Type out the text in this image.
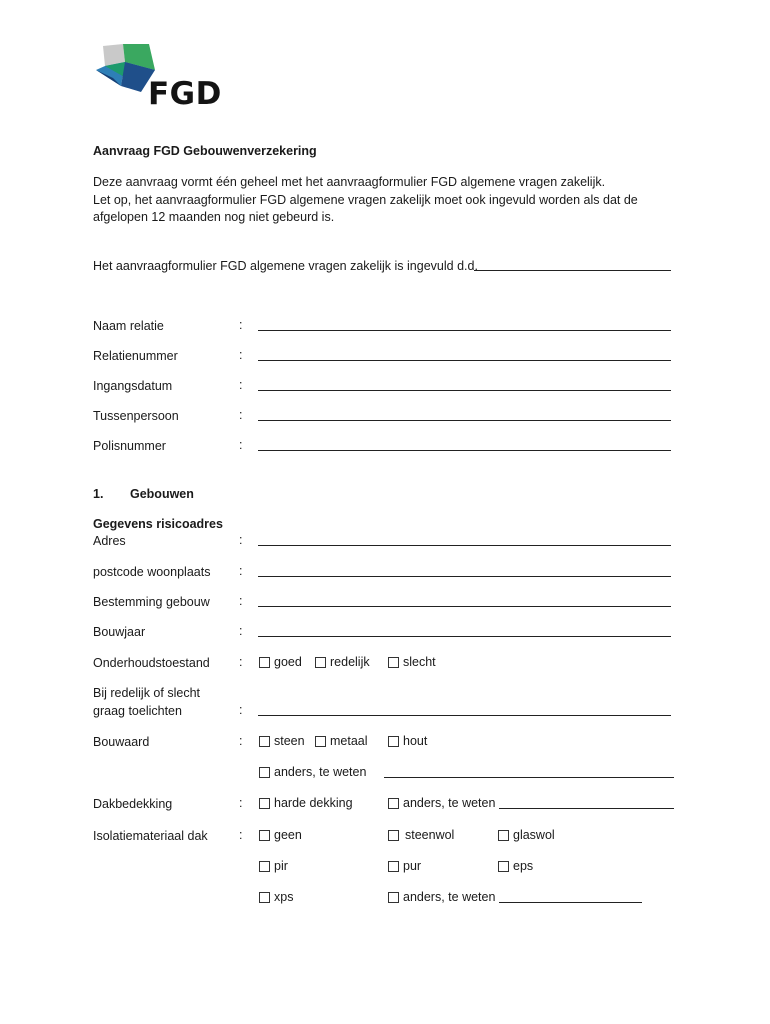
FGD
Aanvraag FGD Gebouwenverzekering
Deze aanvraag vormt één geheel met het aanvraagformulier FGD algemene vragen zakelijk.
Let op, het aanvraagformulier FGD algemene vragen zakelijk moet ook ingevuld worden als dat de
afgelopen 12 maanden nog niet gebeurd is.
Het aanvraagformulier FGD algemene vragen zakelijk is ingevuld d.d.
Naam relatie	:
Relatienummer	:
Ingangsdatum	:
Tussenpersoon	:
Polisnummer	:
1. Gebouwen
Gegevens risicoadres
Adres	:
postcode woonplaats :
Bestemming gebouw :
Bouwjaar	:
Onderhoudstoestand :	goed redelijk	slecht
Bij redelijk of slecht
graag toelichten	:
Bouwaard	:	steen metaal	hout
anders, te weten
Dakbedekking	:	harde dekking	anders, te weten
Isolatiemateriaal dak	:	geen	steenwol	glaswol
pir	pur	eps
xps	anders, te weten
